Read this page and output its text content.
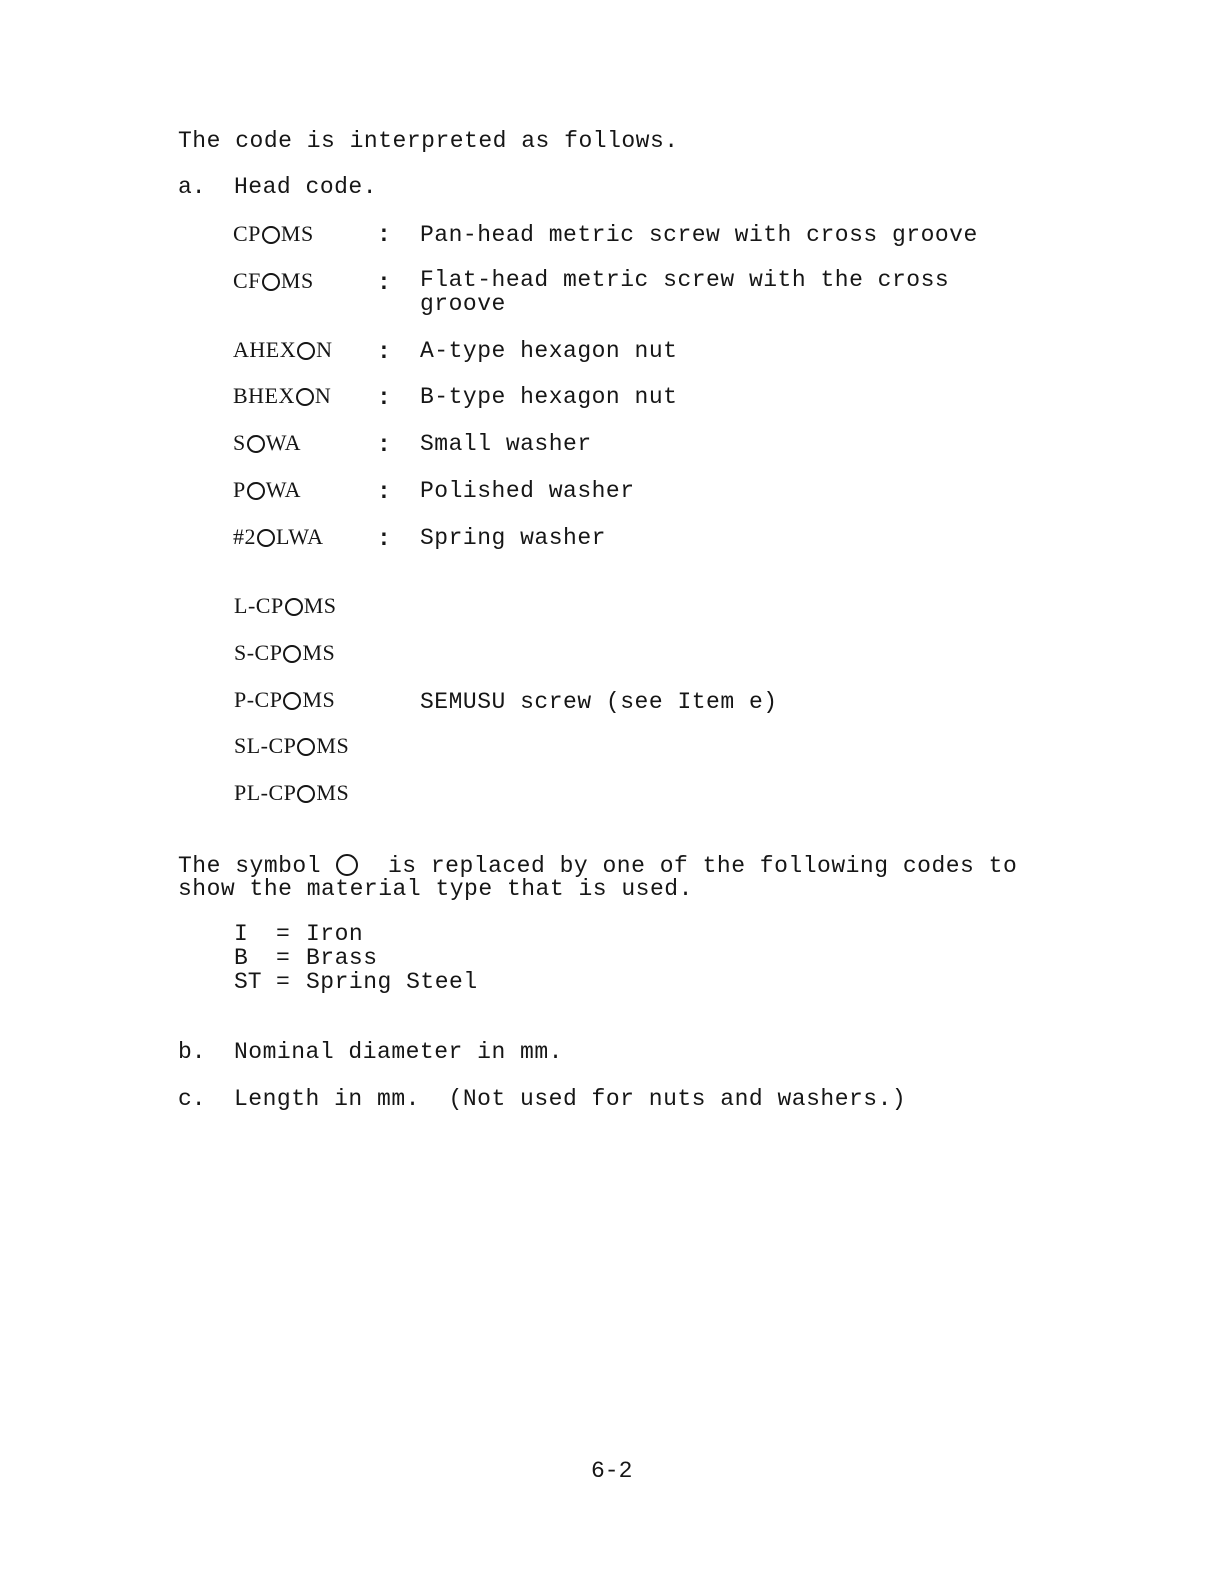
The code is interpreted as follows.
a. Head code.
CP MS	: Pan-head metric screw with cross groove
CF MS	: Flat-head metric screw with the cross groove
AHEX N : A-type hexagon nut
BHEX N : B-type hexagon nut
S WA	: Small washer
P WA	: Polished washer
#2 LWA : Spring washer
L-CP MS
S-CP MS
P-CP MS
SL-CP MS
PL-CP MS
SEMUSU screw (see Item e)
The symbol	is replaced by one of the following codes to
show the material type that is used.
I = Iron
B = Brass
ST = Spring Steel
b. Nominal diameter in mm.
c. Length in mm.  (Not used for nuts and washers.)
6-2
